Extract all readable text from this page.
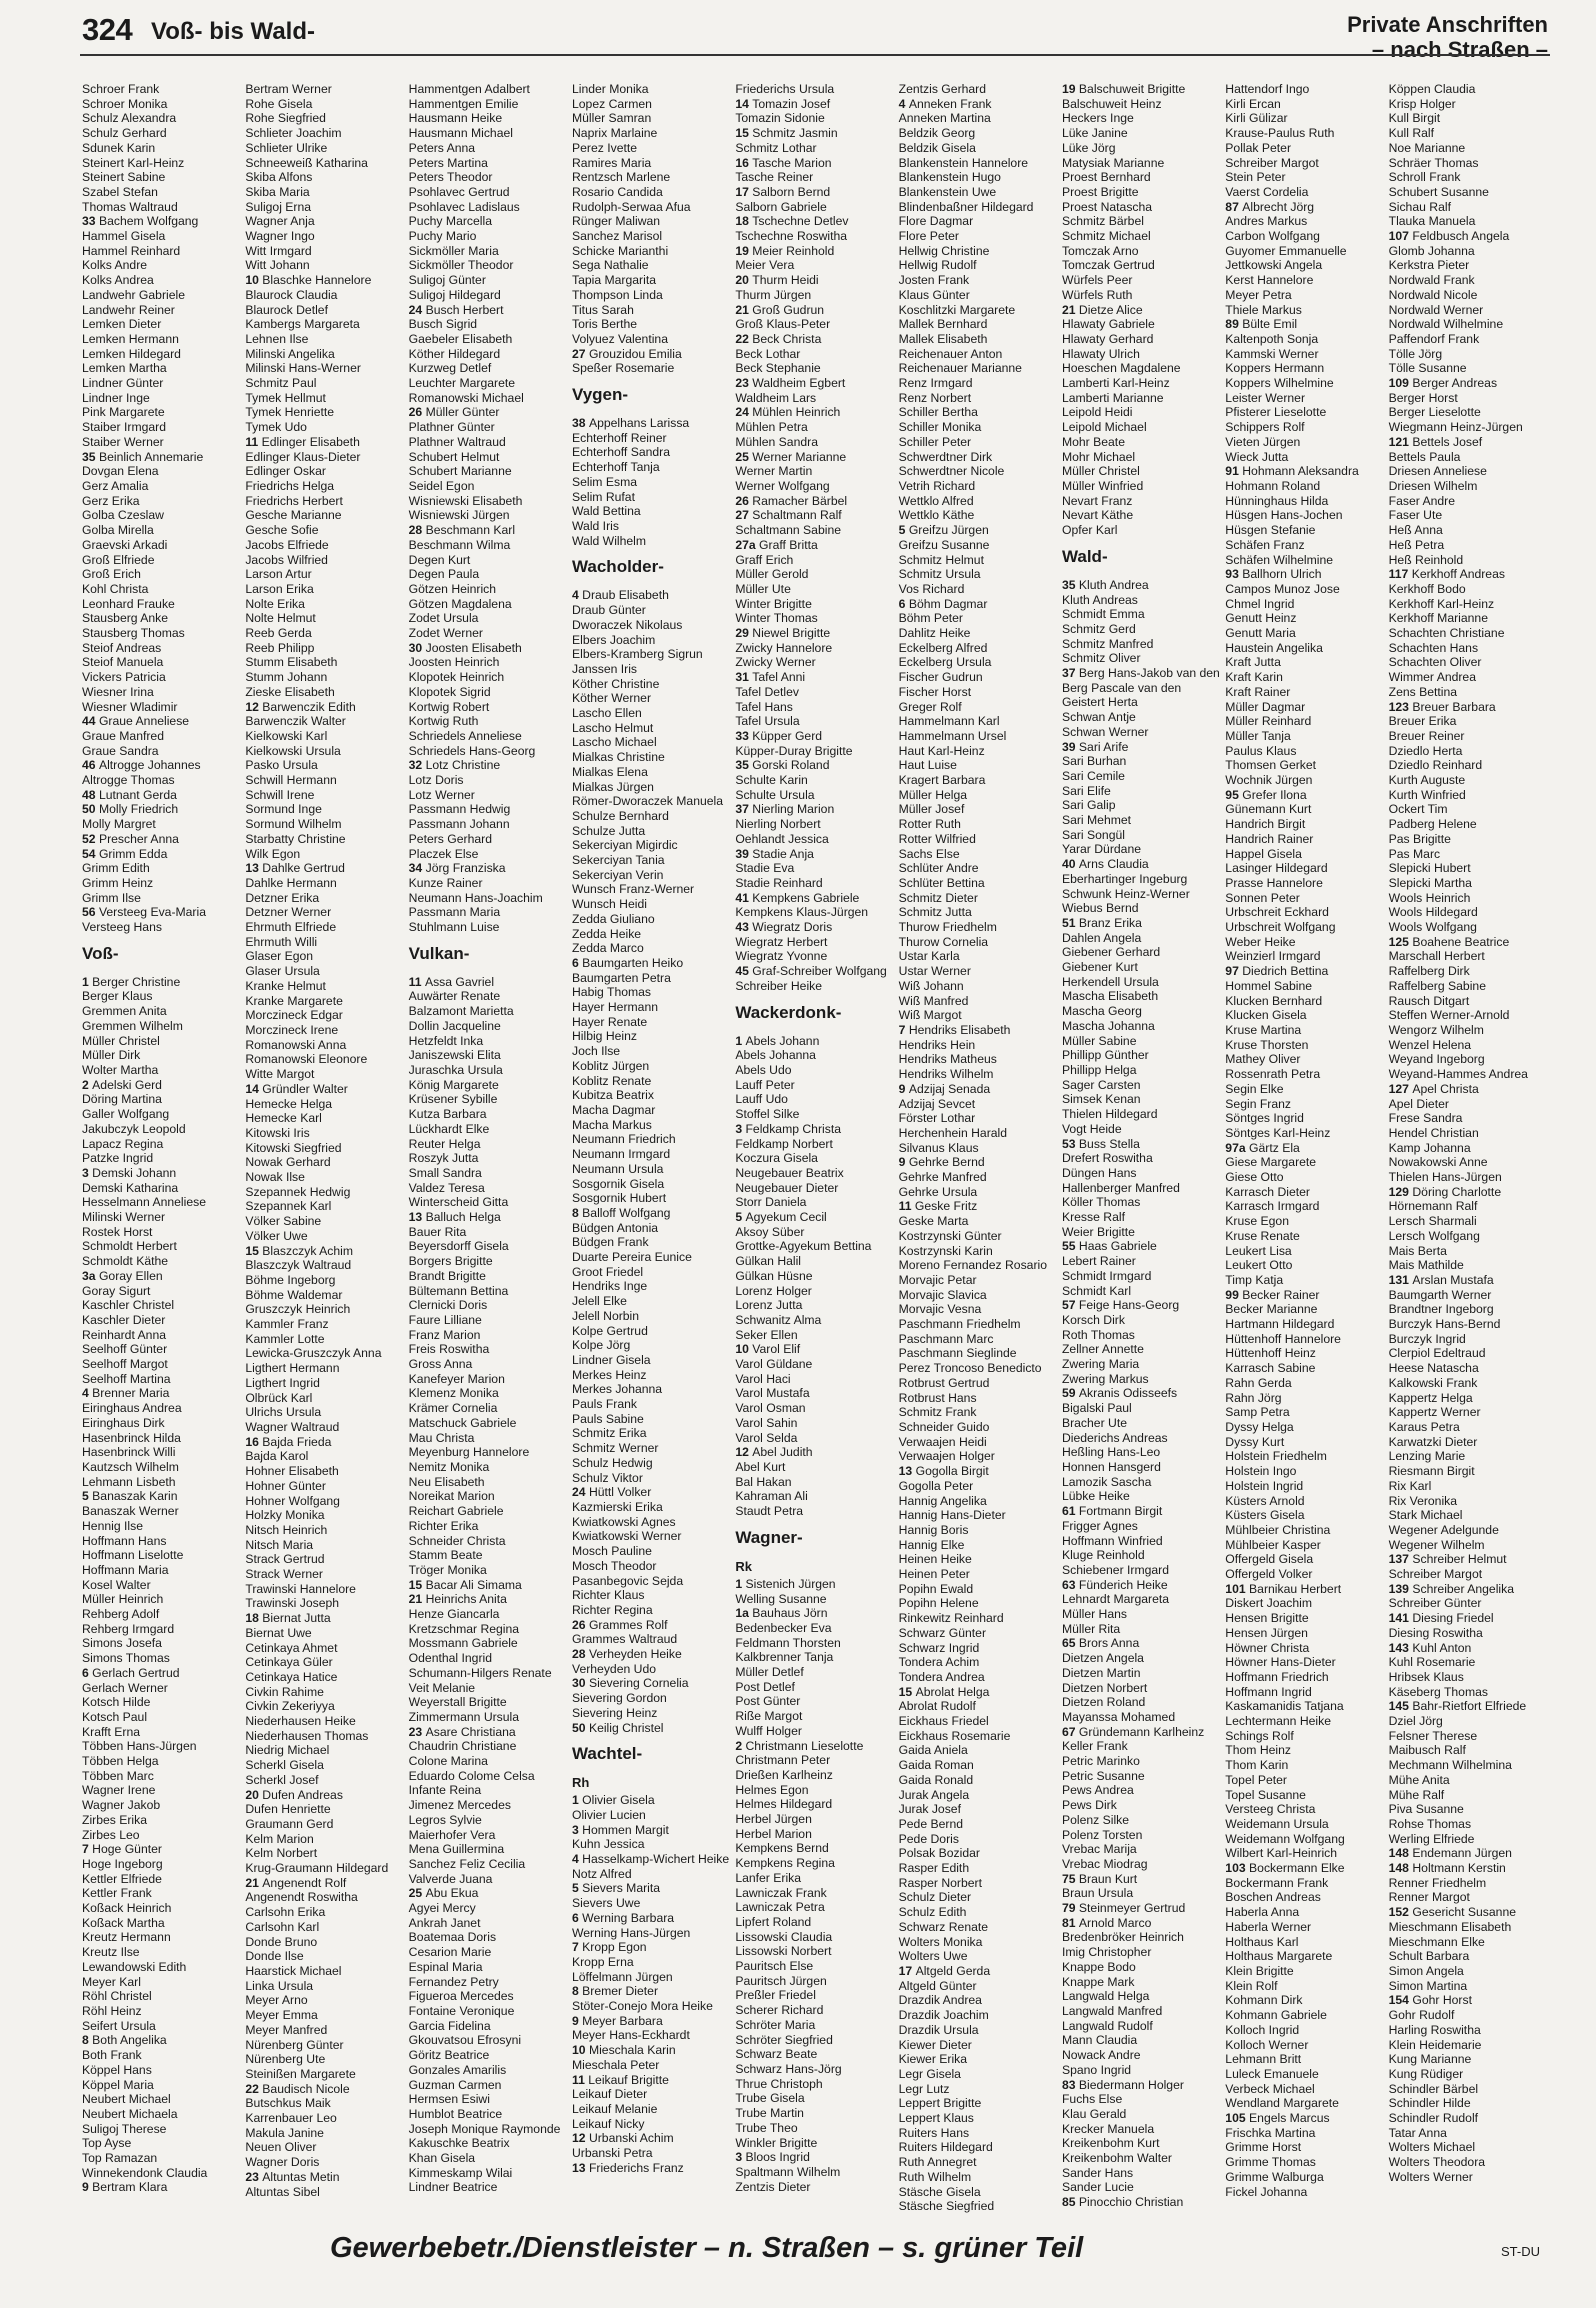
324 Voß- bis Wald-	Private Anschriften
– nach Straßen –
Schroer Frank
Schroer Monika
Schulz Alexandra
Schulz Gerhard
Sdunek Karin
Steinert Karl-Heinz
Steinert Sabine
Szabel Stefan
Thomas Waltraud
33 Bachem Wolfgang
Hammel Gisela
Hammel Reinhard
Kolks Andre
Kolks Andrea
Landwehr Gabriele
Landwehr Reiner
Lemken Dieter
Lemken Hermann
Lemken Hildegard
Lemken Martha
Lindner Günter
Lindner Inge
Pink Margarete
Staiber Irmgard
Staiber Werner
35 Beinlich Annemarie
Dovgan Elena
Gerz Amalia
Gerz Erika
Golba Czeslaw
Golba Mirella
Graevski Arkadi
Groß Elfriede
Groß Erich
Kohl Christa
Leonhard Frauke
Stausberg Anke
Stausberg Thomas
Steiof Andreas
Steiof Manuela
Vickers Patricia
Wiesner Irina
Wiesner Wladimir
44 Graue Anneliese
Graue Manfred
Graue Sandra
46 Altrogge Johannes
Altrogge Thomas
48 Lutnant Gerda
50 Molly Friedrich
Molly Margret
52 Prescher Anna
54 Grimm Edda
Grimm Edith
Grimm Heinz
Grimm Ilse
56 Versteeg Eva-Maria
Versteeg Hans
Voß-
1 Berger Christine
Berger Klaus
Gremmen Anita
Gremmen Wilhelm
Müller Christel
Müller Dirk
Wolter Martha
2 Adelski Gerd
Döring Martina
Galler Wolfgang
Jakubczyk Leopold
Lapacz Regina
Patzke Ingrid
3 Demski Johann
Demski Katharina
Hesselmann Anneliese
Milinski Werner
Rostek Horst
Schmoldt Herbert
Schmoldt Käthe
3a Goray Ellen
Goray Sigurt
Kaschler Christel
Kaschler Dieter
Reinhardt Anna
Seelhoff Günter
Seelhoff Margot
Seelhoff Martina
4 Brenner Maria
Eiringhaus Andrea
Eiringhaus Dirk
Hasenbrinck Hilda
Hasenbrinck Willi
Kautzsch Wilhelm
Lehmann Lisbeth
5 Banaszak Karin
Banaszak Werner
Hennig Ilse
Hoffmann Hans
Hoffmann Liselotte
Hoffmann Maria
Kosel Walter
Müller Heinrich
Rehberg Adolf
Rehberg Irmgard
Simons Josefa
Simons Thomas
6 Gerlach Gertrud
Gerlach Werner
Kotsch Hilde
Kotsch Paul
Krafft Erna
Többen Hans-Jürgen
Többen Helga
Többen Marc
Wagner Irene
Wagner Jakob
Zirbes Erika
Zirbes Leo
7 Hoge Günter
Hoge Ingeborg
Kettler Elfriede
Kettler Frank
Koßack Heinrich
Koßack Martha
Kreutz Hermann
Kreutz Ilse
Lewandowski Edith
Meyer Karl
Röhl Christel
Röhl Heinz
Seifert Ursula
8 Both Angelika
Both Frank
Köppel Hans
Köppel Maria
Neubert Michael
Neubert Michaela
Suligoj Therese
Top Ayse
Top Ramazan
Winnekendonk Claudia
9 Bertram Klara
Bertram Werner
Rohe Gisela
Rohe Siegfried
Schlieter Joachim
Schlieter Ulrike
Schneeweiß Katharina
Skiba Alfons
Skiba Maria
Suligoj Erna
Wagner Anja
Wagner Ingo
Witt Irmgard
Witt Johann
10 Blaschke Hannelore
Blaurock Claudia
Blaurock Detlef
Kambergs Margareta
Lehnen Ilse
Milinski Angelika
Milinski Hans-Werner
Schmitz Paul
Tymek Hellmut
Tymek Henriette
Tymek Udo
11 Edlinger Elisabeth
Edlinger Klaus-Dieter
Edlinger Oskar
Friedrichs Helga
Friedrichs Herbert
Gesche Marianne
Gesche Sofie
Jacobs Elfriede
Jacobs Wilfried
Larson Artur
Larson Erika
Nolte Erika
Nolte Helmut
Reeb Gerda
Reeb Philipp
Stumm Elisabeth
Stumm Johann
Zieske Elisabeth
12 Barwenczik Edith
Barwenczik Walter
Kielkowski Karl
Kielkowski Ursula
Pasko Ursula
Schwill Hermann
Schwill Irene
Sormund Inge
Sormund Wilhelm
Starbatty Christine
Wilk Egon
13 Dahlke Gertrud
Dahlke Hermann
Detzner Erika
Detzner Werner
Ehrmuth Elfriede
Ehrmuth Willi
Glaser Egon
Glaser Ursula
Kranke Helmut
Kranke Margarete
Morczineck Edgar
Morczineck Irene
Romanowski Anna
Romanowski Eleonore
Witte Margot
14 Gründler Walter
Hemecke Helga
Hemecke Karl
Kitowski Iris
Kitowski Siegfried
Nowak Gerhard
Nowak Ilse
Szepannek Hedwig
Szepannek Karl
Völker Sabine
Völker Uwe
15 Blaszczyk Achim
Blaszczyk Waltraud
Böhme Ingeborg
Böhme Waldemar
Gruszczyk Heinrich
Kammler Franz
Kammler Lotte
Lewicka-Gruszczyk Anna
Ligthert Hermann
Ligthert Ingrid
Olbrück Karl
Ulrichs Ursula
Wagner Waltraud
16 Bajda Frieda
Bajda Karol
Hohner Elisabeth
Hohner Günter
Hohner Wolfgang
Holzky Monika
Nitsch Heinrich
Nitsch Maria
Strack Gertrud
Strack Werner
Trawinski Hannelore
Trawinski Joseph
18 Biernat Jutta
Biernat Uwe
Cetinkaya Ahmet
Cetinkaya Güler
Cetinkaya Hatice
Civkin Rahime
Civkin Zekeriyya
Niederhausen Heike
Niederhausen Thomas
Niedrig Michael
Scherkl Gisela
Scherkl Josef
20 Dufen Andreas
Dufen Henriette
Graumann Gerd
Kelm Marion
Kelm Norbert
Krug-Graumann Hildegard
21 Angenendt Rolf
Angenendt Roswitha
Carlsohn Erika
Carlsohn Karl
Donde Bruno
Donde Ilse
Haarstick Michael
Linka Ursula
Meyer Arno
Meyer Emma
Meyer Manfred
Nürenberg Günter
Nürenberg Ute
Steinißen Margarete
22 Baudisch Nicole
Butschkus Maik
Karrenbauer Leo
Makula Janine
Neuen Oliver
Wagner Doris
23 Altuntas Metin
Altuntas Sibel
Hammentgen Adalbert
Hammentgen Emilie
Hausmann Heike
Hausmann Michael
Peters Anna
Peters Martina
Peters Theodor
Psohlavec Gertrud
Psohlavec Ladislaus
Puchy Marcella
Puchy Mario
Sickmöller Maria
Sickmöller Theodor
Suligoj Günter
Suligoj Hildegard
24 Busch Herbert
Busch Sigrid
Gaebeler Elisabeth
Köther Hildegard
Kurzweg Detlef
Leuchter Margarete
Romanowski Michael
26 Müller Günter
Plathner Günter
Plathner Waltraud
Schubert Helmut
Schubert Marianne
Seidel Egon
Wisniewski Elisabeth
Wisniewski Jürgen
28 Beschmann Karl
Beschmann Wilma
Degen Kurt
Degen Paula
Götzen Heinrich
Götzen Magdalena
Zodet Ursula
Zodet Werner
30 Joosten Elisabeth
Joosten Heinrich
Klopotek Heinrich
Klopotek Sigrid
Kortwig Robert
Kortwig Ruth
Schriedels Anneliese
Schriedels Hans-Georg
32 Lotz Christine
Lotz Doris
Lotz Werner
Passmann Hedwig
Passmann Johann
Peters Gerhard
Placzek Else
34 Jörg Franziska
Kunze Rainer
Neumann Hans-Joachim
Passmann Maria
Stuhlmann Luise
Vulkan-
11 Assa Gavriel
Auwärter Renate
Balzamont Marietta
Dollin Jacqueline
Hetzfeldt Inka
Janiszewski Elita
Juraschka Ursula
König Margarete
Krüsener Sybille
Kutza Barbara
Lückhardt Elke
Reuter Helga
Roszyk Jutta
Small Sandra
Valdez Teresa
Winterscheid Gitta
13 Balluch Helga
Bauer Rita
Beyersdorff Gisela
Borgers Brigitte
Brandt Brigitte
Bültemann Bettina
Clernicki Doris
Faure Lilliane
Franz Marion
Freis Roswitha
Gross Anna
Kanefeyer Marion
Klemenz Monika
Krämer Cornelia
Matschuck Gabriele
Mau Christa
Meyenburg Hannelore
Nemitz Monika
Neu Elisabeth
Noreikat Marion
Reichart Gabriele
Richter Erika
Schneider Christa
Stamm Beate
Tröger Monika
15 Bacar Ali Simama
21 Heinrichs Anita
Henze Giancarla
Kretzschmar Regina
Mossmann Gabriele
Odenthal Ingrid
Schumann-Hilgers Renate
Veit Melanie
Weyerstall Brigitte
Zimmermann Ursula
23 Asare Christiana
Chaudrin Christiane
Colone Marina
Eduardo Colome Celsa
Infante Reina
Jimenez Mercedes
Legros Sylvie
Maierhofer Vera
Mena Guillermina
Sanchez Feliz Cecilia
Valverde Juana
25 Abu Ekua
Agyei Mercy
Ankrah Janet
Boatemaa Doris
Cesarion Marie
Espinal Maria
Fernandez Petry
Figueroa Mercedes
Fontaine Veronique
Garcia Fidelina
Gkouvatsou Efrosyni
Göritz Beatrice
Gonzales Amarilis
Guzman Carmen
Hermsen Esiwi
Humblot Beatrice
Joseph Monique Raymonde
Kakuschke Beatrix
Khan Gisela
Kimmeskamp Wilai
Lindner Beatrice
Linder Monika
Lopez Carmen
Müller Samran
Naprix Marlaine
Perez Ivette
Ramires Maria
Rentzsch Marlene
Rosario Candida
Rudolph-Serwaa Afua
Rünger Maliwan
Sanchez Marisol
Schicke Marianthi
Sega Nathalie
Tapia Margarita
Thompson Linda
Titus Sarah
Toris Berthe
Volyuez Valentina
27 Grouzidou Emilia
Speßer Rosemarie
Vygen-
38 Appelhans Larissa
Echterhoff Reiner
Echterhoff Sandra
Echterhoff Tanja
Selim Esma
Selim Rufat
Wald Bettina
Wald Iris
Wald Wilhelm
Wacholder-
4 Draub Elisabeth
Draub Günter
Dworaczek Nikolaus
Elbers Joachim
Elbers-Kramberg Sigrun
Janssen Iris
Köther Christine
Köther Werner
Lascho Ellen
Lascho Helmut
Lascho Michael
Mialkas Christine
Mialkas Elena
Mialkas Jürgen
Römer-Dworaczek Manuela
Schulze Bernhard
Schulze Jutta
Sekerciyan Migirdic
Sekerciyan Tania
Sekerciyan Verin
Wunsch Franz-Werner
Wunsch Heidi
Zedda Giuliano
Zedda Heike
Zedda Marco
6 Baumgarten Heiko
Baumgarten Petra
Habig Thomas
Hayer Hermann
Hayer Renate
Hilbig Heinz
Joch Ilse
Koblitz Jürgen
Koblitz Renate
Kubitza Beatrix
Macha Dagmar
Macha Markus
Neumann Friedrich
Neumann Irmgard
Neumann Ursula
Sosgornik Gisela
Sosgornik Hubert
8 Balloff Wolfgang
Büdgen Antonia
Büdgen Frank
Duarte Pereira Eunice
Groot Friedel
Hendriks Inge
Jelell Elke
Jelell Norbin
Kolpe Gertrud
Kolpe Jörg
Lindner Gisela
Merkes Heinz
Merkes Johanna
Pauls Frank
Pauls Sabine
Schmitz Erika
Schmitz Werner
Schulz Hedwig
Schulz Viktor
24 Hüttl Volker
Kazmierski Erika
Kwiatkowski Agnes
Kwiatkowski Werner
Mosch Pauline
Mosch Theodor
Pasanbegovic Sejda
Richter Klaus
Richter Regina
26 Grammes Rolf
Grammes Waltraud
28 Verheyden Heike
Verheyden Udo
30 Sievering Cornelia
Sievering Gordon
Sievering Heinz
50 Keilig Christel
Wachtel-
Rh
1 Olivier Gisela
Olivier Lucien
3 Hommen Margit
Kuhn Jessica
4 Hasselkamp-Wichert Heike
Notz Alfred
5 Sievers Marita
Sievers Uwe
6 Werning Barbara
Werning Hans-Jürgen
7 Kropp Egon
Kropp Erna
Löffelmann Jürgen
8 Bremer Dieter
Stöter-Conejo Mora Heike
9 Meyer Barbara
Meyer Hans-Eckhardt
10 Mieschala Karin
Mieschala Peter
11 Leikauf Brigitte
Leikauf Dieter
Leikauf Melanie
Leikauf Nicky
12 Urbanski Achim
Urbanski Petra
13 Friederichs Franz
Friederichs Ursula
14 Tomazin Josef
Tomazin Sidonie
15 Schmitz Jasmin
Schmitz Lothar
16 Tasche Marion
Tasche Reiner
17 Salborn Bernd
Salborn Gabriele
18 Tschechne Detlev
Tschechne Roswitha
19 Meier Reinhold
Meier Vera
20 Thurm Heidi
Thurm Jürgen
21 Groß Gudrun
Groß Klaus-Peter
22 Beck Christa
Beck Lothar
Beck Stephanie
23 Waldheim Egbert
Waldheim Lars
24 Mühlen Heinrich
Mühlen Petra
Mühlen Sandra
25 Werner Marianne
Werner Martin
Werner Wolfgang
26 Ramacher Bärbel
27 Schaltmann Ralf
Schaltmann Sabine
27a Graff Britta
Graff Erich
Müller Gerold
Müller Ute
Winter Brigitte
Winter Thomas
29 Niewel Brigitte
Zwicky Hannelore
Zwicky Werner
31 Tafel Anni
Tafel Detlev
Tafel Hans
Tafel Ursula
33 Küpper Gerd
Küpper-Duray Brigitte
35 Gorski Roland
Schulte Karin
Schulte Ursula
37 Nierling Marion
Nierling Norbert
Oehlandt Jessica
39 Stadie Anja
Stadie Eva
Stadie Reinhard
41 Kempkens Gabriele
Kempkens Klaus-Jürgen
43 Wiegratz Doris
Wiegratz Herbert
Wiegratz Yvonne
45 Graf-Schreiber Wolfgang
Schreiber Heike
Wackerdonk-
1 Abels Johann
Abels Johanna
Abels Udo
Lauff Peter
Lauff Udo
Stoffel Silke
3 Feldkamp Christa
Feldkamp Norbert
Koczura Gisela
Neugebauer Beatrix
Neugebauer Dieter
Storr Daniela
5 Agyekum Cecil
Aksoy Süber
Grottke-Agyekum Bettina
Gülkan Halil
Gülkan Hüsne
Lorenz Holger
Lorenz Jutta
Schwanitz Alma
Seker Ellen
10 Varol Elif
Varol Güldane
Varol Haci
Varol Mustafa
Varol Osman
Varol Sahin
Varol Selda
12 Abel Judith
Abel Kurt
Bal Hakan
Kahraman Ali
Staudt Petra
Wagner-
Rk
1 Sistenich Jürgen
Welling Susanne
1a Bauhaus Jörn
Bedenbecker Eva
Feldmann Thorsten
Kalkbrenner Tanja
Müller Detlef
Post Detlef
Post Günter
Riße Margot
Wulff Holger
2 Christmann Lieselotte
Christmann Peter
Drießen Karlheinz
Helmes Egon
Helmes Hildegard
Herbel Jürgen
Herbel Marion
Kempkens Bernd
Kempkens Regina
Lanfer Erika
Lawniczak Frank
Lawniczak Petra
Lipfert Roland
Lissowski Claudia
Lissowski Norbert
Pauritsch Else
Pauritsch Jürgen
Preßler Friedel
Scherer Richard
Schröter Maria
Schröter Siegfried
Schwarz Beate
Schwarz Hans-Jörg
Thrue Christoph
Trube Gisela
Trube Martin
Trube Theo
Winkler Brigitte
3 Bloos Ingrid
Spaltmann Wilhelm
Zentzis Dieter
Zentzis Gerhard
4 Anneken Frank
Anneken Martina
Beldzik Georg
Beldzik Gisela
Blankenstein Hannelore
Blankenstein Hugo
Blankenstein Uwe
Blindenbaßner Hildegard
Flore Dagmar
Flore Peter
Hellwig Christine
Hellwig Rudolf
Josten Frank
Klaus Günter
Koschlitzki Margarete
Mallek Bernhard
Mallek Elisabeth
Reichenauer Anton
Reichenauer Marianne
Renz Irmgard
Renz Norbert
Schiller Bertha
Schiller Monika
Schiller Peter
Schwerdtner Dirk
Schwerdtner Nicole
Vetrih Richard
Wettklo Alfred
Wettklo Käthe
5 Greifzu Jürgen
Greifzu Susanne
Schmitz Helmut
Schmitz Ursula
Vos Richard
6 Böhm Dagmar
Böhm Peter
Dahlitz Heike
Eckelberg Alfred
Eckelberg Ursula
Fischer Gudrun
Fischer Horst
Greger Rolf
Hammelmann Karl
Hammelmann Ursel
Haut Karl-Heinz
Haut Luise
Kragert Barbara
Müller Helga
Müller Josef
Rotter Ruth
Rotter Wilfried
Sachs Else
Schlüter Andre
Schlüter Bettina
Schmitz Dieter
Schmitz Jutta
Thurow Friedhelm
Thurow Cornelia
Ustar Karla
Ustar Werner
Wiß Johann
Wiß Manfred
Wiß Margot
7 Hendriks Elisabeth
Hendriks Hein
Hendriks Matheus
Hendriks Wilhelm
9 Adzijaj Senada
Adzijaj Sevcet
Förster Lothar
Herchenhein Harald
Silvanus Klaus
9 Gehrke Bernd
Gehrke Manfred
Gehrke Ursula
11 Geske Fritz
Geske Marta
Kostrzynski Günter
Kostrzynski Karin
Moreno Fernandez Rosario
Morvajic Petar
Morvajic Slavica
Morvajic Vesna
Paschmann Friedhelm
Paschmann Marc
Paschmann Sieglinde
Perez Troncoso Benedicto
Rotbrust Gertrud
Rotbrust Hans
Schmitz Frank
Schneider Guido
Verwaajen Heidi
Verwaajen Holger
13 Gogolla Birgit
Gogolla Peter
Hannig Angelika
Hannig Hans-Dieter
Hannig Boris
Hannig Elke
Heinen Heike
Heinen Peter
Popihn Ewald
Popihn Helene
Rinkewitz Reinhard
Schwarz Günter
Schwarz Ingrid
Tondera Achim
Tondera Andrea
15 Abrolat Helga
Abrolat Rudolf
Eickhaus Friedel
Eickhaus Rosemarie
Gaida Aniela
Gaida Roman
Gaida Ronald
Jurak Angela
Jurak Josef
Pede Bernd
Pede Doris
Polsak Bozidar
Rasper Edith
Rasper Norbert
Schulz Dieter
Schulz Edith
Schwarz Renate
Wolters Monika
Wolters Uwe
17 Altgeld Gerda
Altgeld Günter
Drazdik Andrea
Drazdik Joachim
Drazdik Ursula
Kiewer Dieter
Kiewer Erika
Legr Gisela
Legr Lutz
Leppert Brigitte
Leppert Klaus
Ruiters Hans
Ruiters Hildegard
Ruth Annegret
Ruth Wilhelm
Stäsche Gisela
Stäsche Siegfried
19 Balschuweit Brigitte
Balschuweit Heinz
Heckers Inge
Lüke Janine
Lüke Jörg
Matysiak Marianne
Proest Bernhard
Proest Brigitte
Proest Natascha
Schmitz Bärbel
Schmitz Michael
Tomczak Arno
Tomczak Gertrud
Würfels Peer
Würfels Ruth
21 Dietze Alice
Hlawaty Gabriele
Hlawaty Gerhard
Hlawaty Ulrich
Hoeschen Magdalene
Lamberti Karl-Heinz
Lamberti Marianne
Leipold Heidi
Leipold Michael
Mohr Beate
Mohr Michael
Müller Christel
Müller Winfried
Nevart Franz
Nevart Käthe
Opfer Karl
Wald-
35 Kluth Andrea
Kluth Andreas
Schmidt Emma
Schmitz Gerd
Schmitz Manfred
Schmitz Oliver
37 Berg Hans-Jakob van den
Berg Pascale van den
Geistert Herta
Schwan Antje
Schwan Werner
39 Sari Arife
Sari Burhan
Sari Cemile
Sari Elife
Sari Galip
Sari Mehmet
Sari Songül
Yarar Dürdane
40 Arns Claudia
Eberhartinger Ingeburg
Schwunk Heinz-Werner
Wiebus Bernd
51 Branz Erika
Dahlen Angela
Giebener Gerhard
Giebener Kurt
Herkendell Ursula
Mascha Elisabeth
Mascha Georg
Mascha Johanna
Müller Sabine
Phillipp Günther
Phillipp Helga
Sager Carsten
Simsek Kenan
Thielen Hildegard
Vogt Heide
53 Buss Stella
Drefert Roswitha
Düngen Hans
Hallenberger Manfred
Köller Thomas
Kresse Ralf
Weier Brigitte
55 Haas Gabriele
Lebert Rainer
Schmidt Irmgard
Schmidt Karl
57 Feige Hans-Georg
Korsch Dirk
Roth Thomas
Zellner Annette
Zwering Maria
Zwering Markus
59 Akranis Odisseefs
Bigalski Paul
Bracher Ute
Diederichs Andreas
Heßling Hans-Leo
Honnen Hansgerd
Lamozik Sascha
Lübke Heike
61 Fortmann Birgit
Frigger Agnes
Hoffmann Winfried
Kluge Reinhold
Schiebener Irmgard
63 Fünderich Heike
Lehnardt Margareta
Müller Hans
Müller Rita
65 Brors Anna
Dietzen Angela
Dietzen Martin
Dietzen Norbert
Dietzen Roland
Mayanssa Mohamed
67 Gründemann Karlheinz
Keller Frank
Petric Marinko
Petric Susanne
Pews Andrea
Pews Dirk
Polenz Silke
Polenz Torsten
Vrebac Marija
Vrebac Miodrag
75 Braun Kurt
Braun Ursula
79 Steinmeyer Gertrud
81 Arnold Marco
Bredenbröker Heinrich
Imig Christopher
Knappe Bodo
Knappe Mark
Langwald Helga
Langwald Manfred
Langwald Rudolf
Mann Claudia
Nowack Andre
Spano Ingrid
83 Biedermann Holger
Fuchs Else
Klau Gerald
Krecker Manuela
Kreikenbohm Kurt
Kreikenbohm Walter
Sander Hans
Sander Lucie
85 Pinocchio Christian
Hattendorf Ingo
Kirli Ercan
Kirli Gülizar
Krause-Paulus Ruth
Pollak Peter
Schreiber Margot
Stein Peter
Vaerst Cordelia
87 Albrecht Jörg
Andres Markus
Carbon Wolfgang
Guyomer Emmanuelle
Jettkowski Angela
Kerst Hannelore
Meyer Petra
Thiele Markus
89 Bülte Emil
Kaltenpoth Sonja
Kammski Werner
Koppers Hermann
Koppers Wilhelmine
Leister Werner
Pfisterer Lieselotte
Schippers Rolf
Vieten Jürgen
Wieck Jutta
91 Hohmann Aleksandra
Hohmann Roland
Hünninghaus Hilda
Hüsgen Hans-Jochen
Hüsgen Stefanie
Schäfen Franz
Schäfen Wilhelmine
93 Ballhorn Ulrich
Campos Munoz Jose
Chmel Ingrid
Genutt Heinz
Genutt Maria
Haustein Angelika
Kraft Jutta
Kraft Karin
Kraft Rainer
Müller Dagmar
Müller Reinhard
Müller Tanja
Paulus Klaus
Thomsen Gerket
Wochnik Jürgen
95 Grefer Ilona
Günemann Kurt
Handrich Birgit
Handrich Rainer
Happel Gisela
Lasinger Hildegard
Prasse Hannelore
Sonnen Peter
Urbschreit Eckhard
Urbschreit Wolfgang
Weber Heike
Weinzierl Irmgard
97 Diedrich Bettina
Hommel Sabine
Klucken Bernhard
Klucken Gisela
Kruse Martina
Kruse Thorsten
Mathey Oliver
Rossenrath Petra
Segin Elke
Segin Franz
Söntges Ingrid
Söntges Karl-Heinz
97a Gärtz Ela
Giese Margarete
Giese Otto
Karrasch Dieter
Karrasch Irmgard
Kruse Egon
Kruse Renate
Leukert Lisa
Leukert Otto
Timp Katja
99 Becker Rainer
Becker Marianne
Hartmann Hildegard
Hüttenhoff Hannelore
Hüttenhoff Heinz
Karrasch Sabine
Rahn Gerda
Rahn Jörg
Samp Petra
Dyssy Helga
Dyssy Kurt
Holstein Friedhelm
Holstein Ingo
Holstein Ingrid
Küsters Arnold
Küsters Gisela
Mühlbeier Christina
Mühlbeier Kasper
Offergeld Gisela
Offergeld Volker
101 Barnikau Herbert
Diskert Joachim
Hensen Brigitte
Hensen Jürgen
Höwner Christa
Höwner Hans-Dieter
Hoffmann Friedrich
Hoffmann Ingrid
Kaskamanidis Tatjana
Lechtermann Heike
Schings Rolf
Thom Heinz
Thom Karin
Topel Peter
Topel Susanne
Versteeg Christa
Weidemann Ursula
Weidemann Wolfgang
Wilbert Karl-Heinrich
103 Bockermann Elke
Bockermann Frank
Boschen Andreas
Haberla Anna
Haberla Werner
Holthaus Karl
Holthaus Margarete
Klein Brigitte
Klein Rolf
Kohmann Dirk
Kohmann Gabriele
Kolloch Ingrid
Kolloch Werner
Lehmann Britt
Luleck Emanuele
Verbeck Michael
Wendland Margarete
105 Engels Marcus
Frischka Martina
Grimme Horst
Grimme Thomas
Grimme Walburga
Fickel Johanna
Köppen Claudia
Krisp Holger
Kull Birgit
Kull Ralf
Noe Marianne
Schräer Thomas
Schroll Frank
Schubert Susanne
Sichau Ralf
Tlauka Manuela
107 Feldbusch Angela
Glomb Johanna
Kerkstra Pieter
Nordwald Frank
Nordwald Nicole
Nordwald Werner
Nordwald Wilhelmine
Paffendorf Frank
Tölle Jörg
Tölle Susanne
109 Berger Andreas
Berger Horst
Berger Lieselotte
Wiegmann Heinz-Jürgen
121 Bettels Josef
Bettels Paula
Driesen Anneliese
Driesen Wilhelm
Faser Andre
Faser Ute
Heß Anna
Heß Petra
Heß Reinhold
117 Kerkhoff Andreas
Kerkhoff Bodo
Kerkhoff Karl-Heinz
Kerkhoff Marianne
Schachten Christiane
Schachten Hans
Schachten Oliver
Wimmer Andrea
Zens Bettina
123 Breuer Barbara
Breuer Erika
Breuer Reiner
Dziedlo Herta
Dziedlo Reinhard
Kurth Auguste
Kurth Winfried
Ockert Tim
Padberg Helene
Pas Brigitte
Pas Marc
Slepicki Hubert
Slepicki Martha
Wools Heinrich
Wools Hildegard
Wools Wolfgang
125 Boahene Beatrice
Marschall Herbert
Raffelberg Dirk
Raffelberg Sabine
Rausch Ditgart
Steffen Werner-Arnold
Wengorz Wilhelm
Wenzel Helena
Weyand Ingeborg
Weyand-Hammes Andrea
127 Apel Christa
Apel Dieter
Frese Sandra
Hendel Christian
Kamp Johanna
Nowakowski Anne
Thielen Hans-Jürgen
129 Döring Charlotte
Hörnemann Ralf
Lersch Sharmali
Lersch Wolfgang
Mais Berta
Mais Mathilde
131 Arslan Mustafa
Baumgarth Werner
Brandtner Ingeborg
Burczyk Hans-Bernd
Burczyk Ingrid
Clerpiol Edeltraud
Heese Natascha
Kalkowski Frank
Kappertz Helga
Kappertz Werner
Karaus Petra
Karwatzki Dieter
Lenzing Marie
Riesmann Birgit
Rix Karl
Rix Veronika
Stark Michael
Wegener Adelgunde
Wegener Wilhelm
137 Schreiber Helmut
Schreiber Margot
139 Schreiber Angelika
Schreiber Günter
141 Diesing Friedel
Diesing Roswitha
143 Kuhl Anton
Kuhl Rosemarie
Hribsek Klaus
Käseberg Thomas
145 Bahr-Rietfort Elfriede
Dziel Jörg
Felsner Therese
Maibusch Ralf
Mechmann Wilhelmina
Mühe Anita
Mühe Ralf
Piva Susanne
Rohse Thomas
Werling Elfriede
148 Endemann Jürgen
148 Holtmann Kerstin
Renner Friedhelm
Renner Margot
152 Gesericht Susanne
Mieschmann Elisabeth
Mieschmann Elke
Schult Barbara
Simon Angela
Simon Martina
154 Gohr Horst
Gohr Rudolf
Harling Roswitha
Klein Heidemarie
Kung Marianne
Kung Rüdiger
Schindler Bärbel
Schindler Hilde
Schindler Rudolf
Tatar Anna
Wolters Michael
Wolters Theodora
Wolters Werner
Gewerbebetr./Dienstleister – n. Straßen – s. grüner Teil	ST-DU
